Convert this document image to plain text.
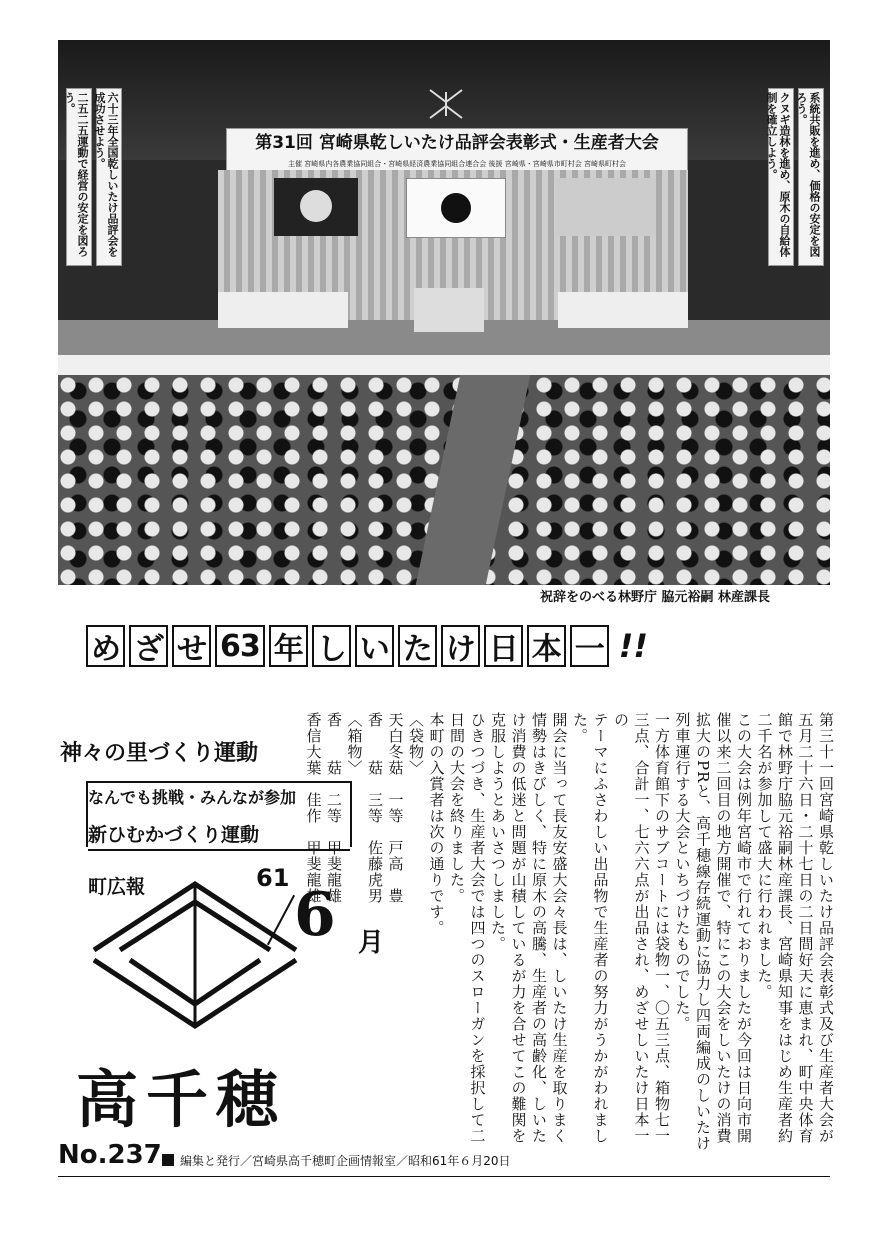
二五二五運動で経営の安定を図ろう。	六十三年全国乾しいたけ品評会を成功させよう。	クヌギ造林を進め、原木の自給体制を確立しよう。	系統共販を進め、価格の安定を図ろう。
第31回 宮崎県乾しいたけ品評会表彰式・生産者大会
主催 宮崎県内各農業協同組合・宮崎県経済農業協同組合連合会 後援 宮崎県・宮崎県市町村会 宮崎県町村会
祝辞をのべる林野庁 脇元裕嗣 林産課長
め ざ せ 63 年 し い た け 日 本 一 !!
神々の里づくり運動
なんでも挑戦・みんなが参加
新ひむかづくり運動
町広報	61
6 月
高千穂
No.237 編集と発行／宮崎県高千穂町企画情報室／昭和61年６月20日

第三十一回宮崎県乾しいたけ品評会表彰式及び生産者大会が五月二十六日・二十七日の二日間好天に恵まれ、町中央体育館で林野庁脇元裕嗣林産課長、宮崎県知事をはじめ生産者約二千名が参加して盛大に行われました。

この大会は例年宮崎市で行れておりましたが今回は日向市開催以来二回目の地方開催で、特にこの大会をしいたけの消費拡大のPRと、高千穂線存続運動に協力し四両編成のしいたけ列車運行する大会といちづけたものでした。

一方体育館下のサブコートには袋物一、〇五三点、箱物七一三点、合計一、七六六点が出品され、めざせしいたけ日本一の

テーマにふさわしい出品物で生産者の努力がうかがわれました。

開会に当って長友安盛大会々長は、しいたけ生産を取りまく情勢はきびしく、特に原木の高騰、生産者の高齢化、しいたけ消費の低迷と問題が山積しているが力を合せてこの難関を克服しようとあいさつしました。

ひきつづき、生産者大会では四つのスローガンを採択して二日間の大会を終りました。

本町の入賞者は次の通りです。

〈袋物〉

天白冬菇　一等　戸高　豊

香　　菇　三等　佐藤虎男

〈箱物〉

香　　菇　二等　甲斐龍雄

香信大葉　佳作　甲斐龍雄
